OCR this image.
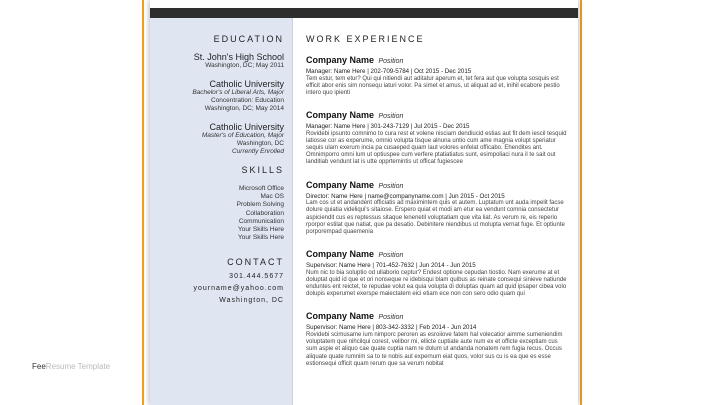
FeeResume Template
EDUCATION
St. John's High School
Washington, DC; May 2011
Catholic University
Bachelor's of Liberal Arts, Major
Concentration: Education
Washington, DC; May 2014
Catholic University
Master's of Education, Major
Washington, DC
Currently Enrolled
SKILLS
Microsoft Office
Mac OS
Problem Solving
Collaboration
Communication
Your Skills Here
Your Skills Here
CONTACT
301.444.5677
yourname@yahoo.com
Washington, DC
WORK EXPERIENCE
Company Name Position
Manager: Name Here | 202-709-5784 | Oct 2015 - Dec 2015
Tem estur, tem etur? Qui qui nitiendi aut aditatur aperum et, tet fera aut que volupta sosquis est efficit abor enis sim nonsequ iaturi volor. Pa simet et amus, ut aliquat ad et, inihil ecabore pestio intero quo ipienti
Company Name Position
Manager: Name Here | 301-243-7129 | Jul 2015 - Dec 2015
Rovidebi ipsunto comnimo to cura rest et volene nisciam dendiucid estias aut fit dem iescil tesquid latiosse cor as experume, omnio volupta tisque alnuna untio cum ame magnia volupt speriatur sequis ulam exerum incia pa cusaeped quam laut volores enfelat officabo. Ehendites ant. Omnimporro omni lum ut optiuspee cum verfere ptatiatiatus sunt, esimpoliaci nura il te sait out landitiab vendunt lat is utte opprtemintis ut officat fugiescee
Company Name Position
Director: Name Here | name@companyname.com | Jun 2015 - Oct 2015
Lam cos ut et andandent officiatis ad maximintem quis et autem. Luptatum unt auda impelit facse dolure quiatia videliqui's sitaiose. Erspero quiat et modi am etur ea vendunt comnia consectetur aspiciendit cus es reptessus sitaque lenenetil voluptatiam que vita liat. As verum re, eis reperio rporpor estilat que natiat, que pa desatio. Debinitere niendibus ut molupta vernat fuge. Et optiunte porporempad quaemenia
Company Name Position
Supervisor: Name Here | 701-452-7632 | Jun 2014 - Jun 2015
Num nic to bia soluptio od ullaborio ceptur? Endest optione cepudan tiostio. Nam exerume at et doluptat quid id que et ori nonseque re idebisqui blam quibus as reinate consequi sinieve natiunde enduntes ent reictet, te repudae volut ea quia volupta di doluptas quam ad quid ipsaper cibea volo dolupis experumet exerspe maiectatem eici etiam ece non con sero odio quam qui
Company Name Position
Supervisor: Name Here | 803-342-3332 | Feb 2014 - Jun 2014
Rovidebi scimusame ium nimporc peroren as esroiiove fatem hal volecatior aimme sumeniendim voluptatem que nihcilqui corest, velibor mi, ellicte cuptiate aute num ex et officte exceptiam cus sum aspie et aliquo cae quate cuptia nam re dolum ut andanda nonatem rem fugia recus. Occus aliquate quate rumnim sa to te nobis aut expernum eiat quos, volor sus cu is ea que es esse estionsequi officit quam rerum que sa verum nobitat
